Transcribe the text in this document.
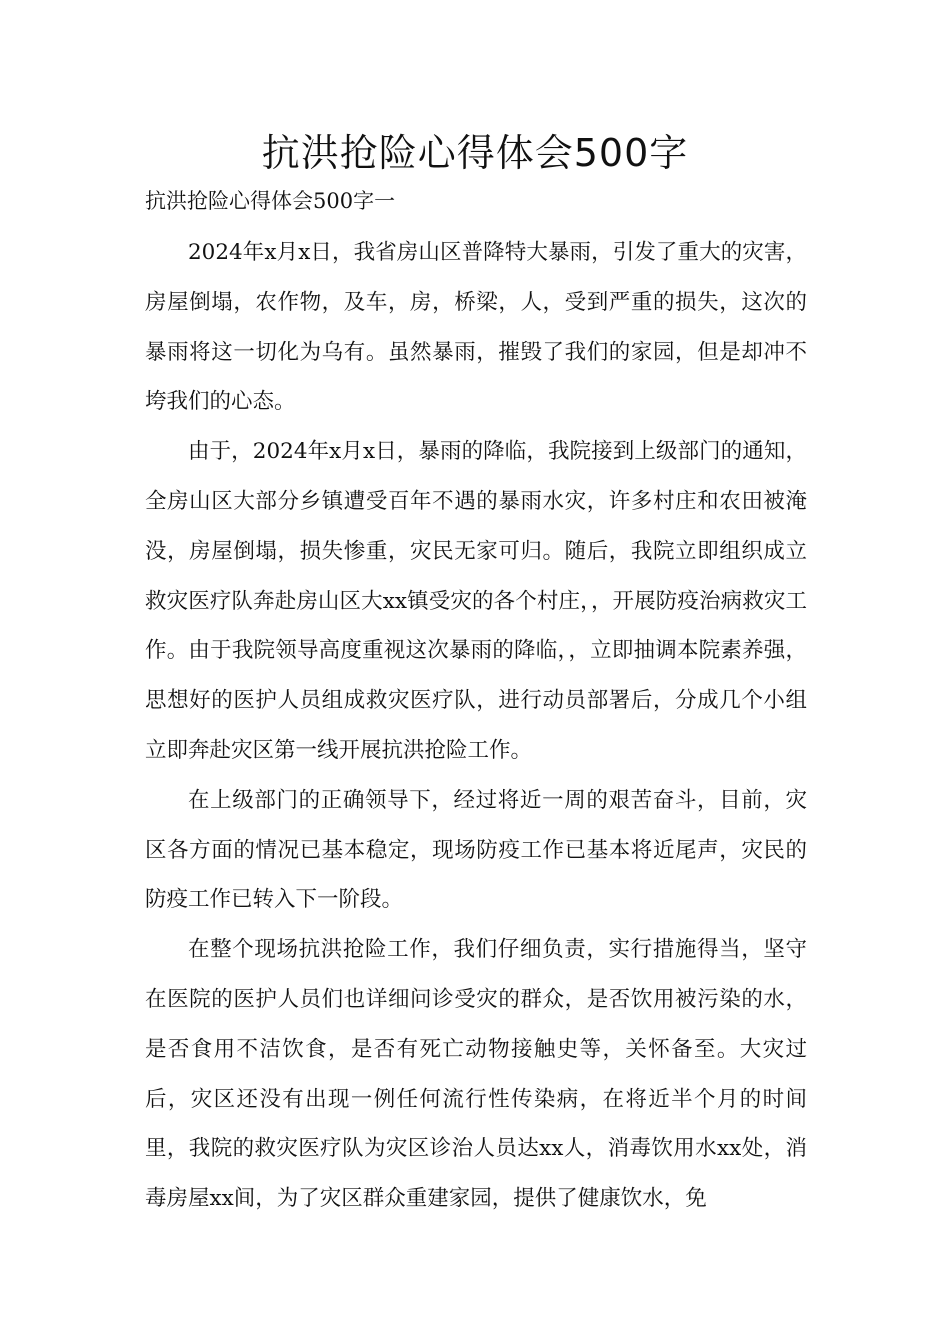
抗洪抢险心得体会500字

抗洪抢险心得体会500字一

2024年x月x日，我省房山区普降特大暴雨，引发了重大的灾害，房屋倒塌，农作物，及车，房，桥梁，人，受到严重的损失，这次的暴雨将这一切化为乌有。虽然暴雨，摧毁了我们的家园，但是却冲不垮我们的心态。

由于，2024年x月x日，暴雨的降临，我院接到上级部门的通知，全房山区大部分乡镇遭受百年不遇的暴雨水灾，许多村庄和农田被淹没，房屋倒塌，损失惨重，灾民无家可归。随后，我院立即组织成立救灾医疗队奔赴房山区大xx镇受灾的各个村庄，，开展防疫治病救灾工作。由于我院领导高度重视这次暴雨的降临，，立即抽调本院素养强，思想好的医护人员组成救灾医疗队，进行动员部署后，分成几个小组立即奔赴灾区第一线开展抗洪抢险工作。

在上级部门的正确领导下，经过将近一周的艰苦奋斗，目前，灾区各方面的情况已基本稳定，现场防疫工作已基本将近尾声，灾民的防疫工作已转入下一阶段。

在整个现场抗洪抢险工作，我们仔细负责，实行措施得当，坚守在医院的医护人员们也详细问诊受灾的群众，是否饮用被污染的水，是否食用不洁饮食，是否有死亡动物接触史等，关怀备至。大灾过后，灾区还没有出现一例任何流行性传染病，在将近半个月的时间里，我院的救灾医疗队为灾区诊治人员达xx人，消毒饮用水xx处，消毒房屋xx间，为了灾区群众重建家园，提供了健康饮水，免
